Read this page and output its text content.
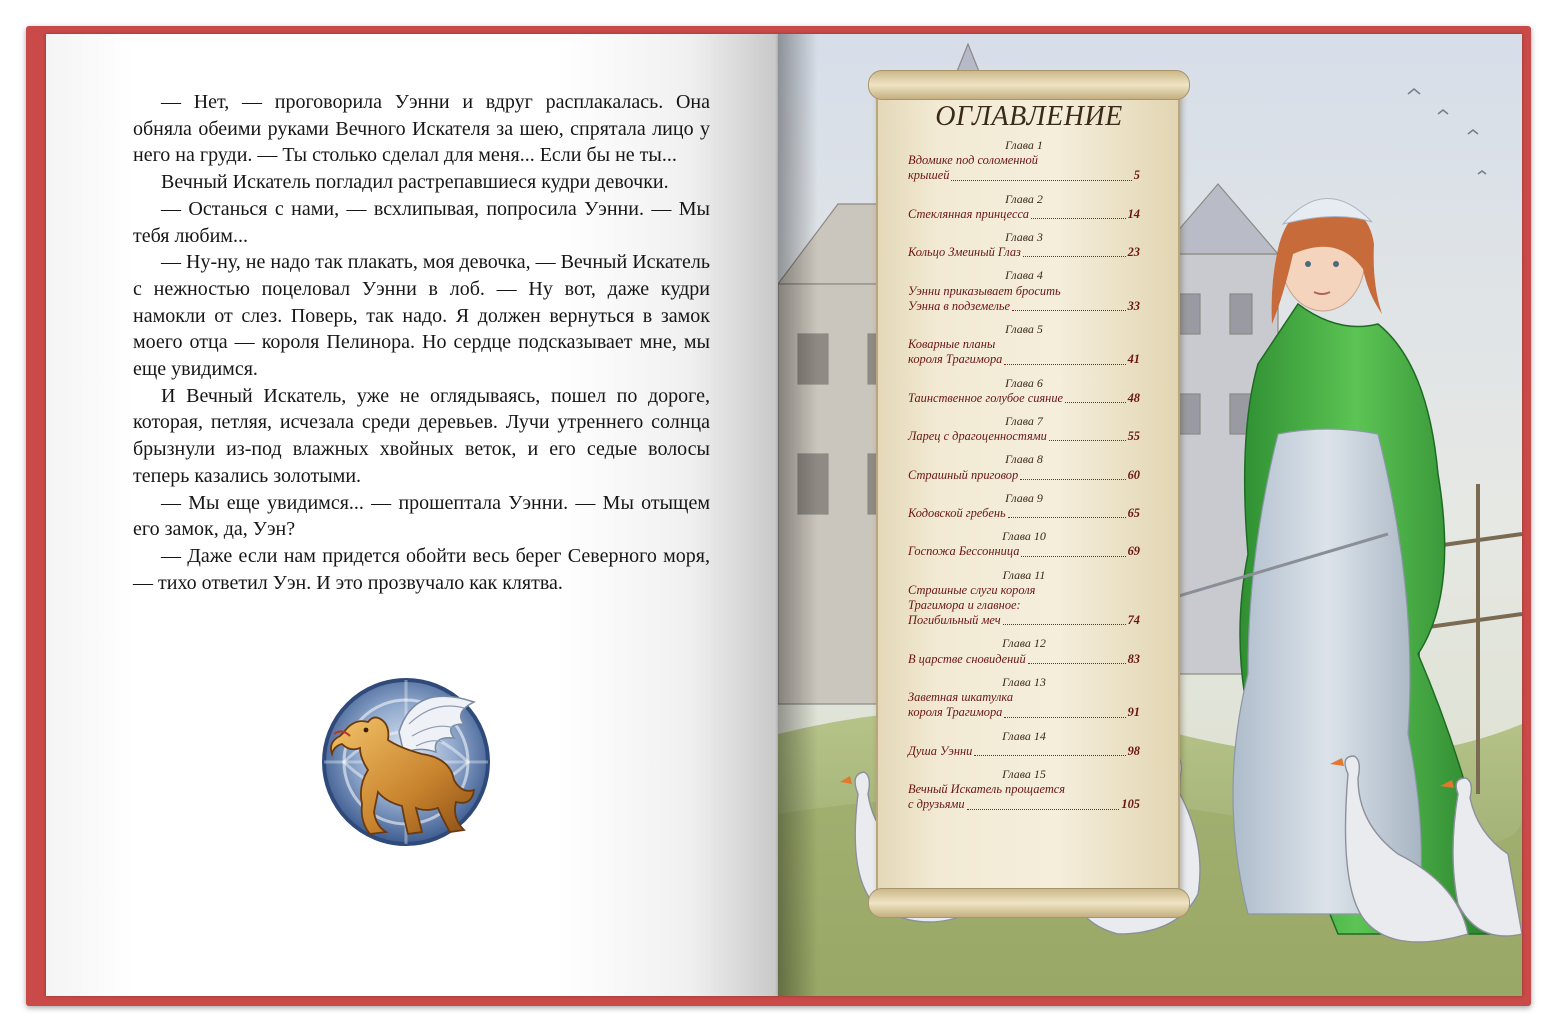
— Нет, — проговорила Уэнни и вдруг расплакалась. Она обняла обеими руками Вечного Искателя за шею, спрятала лицо у него на груди. — Ты столько сделал для меня... Если бы не ты...

Вечный Искатель погладил растрепавшиеся кудри девочки.

— Останься с нами, — всхлипывая, попросила Уэнни. — Мы тебя любим...

— Ну-ну, не надо так плакать, моя девочка, — Вечный Искатель с нежностью поцеловал Уэнни в лоб. — Ну вот, даже кудри намокли от слез. Поверь, так надо. Я должен вернуться в замок моего отца — короля Пелинора. Но сердце подсказывает мне, мы еще увидимся.

И Вечный Искатель, уже не оглядываясь, пошел по дороге, которая, петляя, исчезала среди деревьев. Лучи утреннего солнца брызнули из-под влажных хвойных веток, и его седые волосы теперь казались золотыми.

— Мы еще увидимся... — прошептала Уэнни. — Мы отыщем его замок, да, Уэн?

— Даже если нам придется обойти весь берег Северного моря, — тихо ответил Уэн. И это прозвучало как клятва.

ОГЛАВЛЕНИЕ
Глава 1
Вдомике под соломенной
крышей	5
Глава 2
Стеклянная принцесса	14
Глава 3
Кольцо Змеиный Глаз	23
Глава 4
Уэнни приказывает бросить
Уэнна в подземелье	33
Глава 5
Коварные планы
короля Трагимора	41
Глава 6
Таинственное голубое сияние	48
Глава 7
Ларец с драгоценностями	55
Глава 8
Страшный приговор	60
Глава 9
Кодовской гребень	65
Глава 10
Госпожа Бессонница	69
Глава 11
Страшные слуги короля
Трагимора и главное:
Погибильный меч	74
Глава 12
В царстве сновидений	83
Глава 13
Заветная шкатулка
короля Трагимора	91
Глава 14
Душа Уэнни	98
Глава 15
Вечный Искатель прощается
с друзьями	105
